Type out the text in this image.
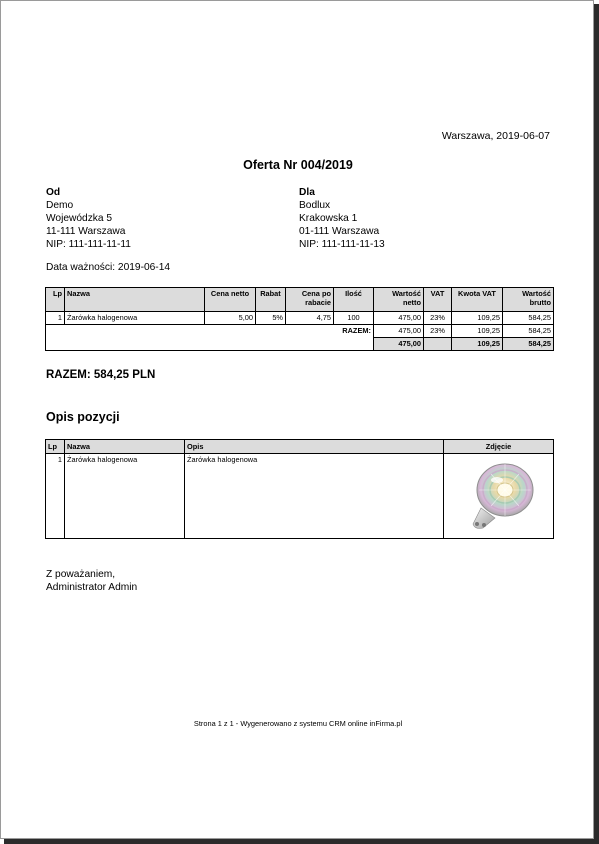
Warszawa, 2019-06-07
Oferta Nr 004/2019
Od
Demo
Wojewódzka 5
11-111 Warszawa
NIP: 111-111-11-11
Dla
Bodlux
Krakowska 1
01-111 Warszawa
NIP: 111-111-11-13
Data ważności: 2019-06-14
Lp	Nazwa	Cena netto	Rabat	Cena po rabacie	Ilość	Wartość netto	VAT	Kwota VAT	Wartość brutto
1	Żarówka halogenowa	5,00	5%	4,75	100	475,00	23%	109,25	584,25
RAZEM:						475,00	23%	109,25	584,25
						475,00		109,25	584,25
RAZEM: 584,25 PLN
Opis pozycji
Lp	Nazwa	Opis	Zdjęcie
1	Żarówka halogenowa	Żarówka halogenowa	
Z poważaniem,
Administrator Admin
Strona 1 z 1 - Wygenerowano z systemu CRM online inFirma.pl
